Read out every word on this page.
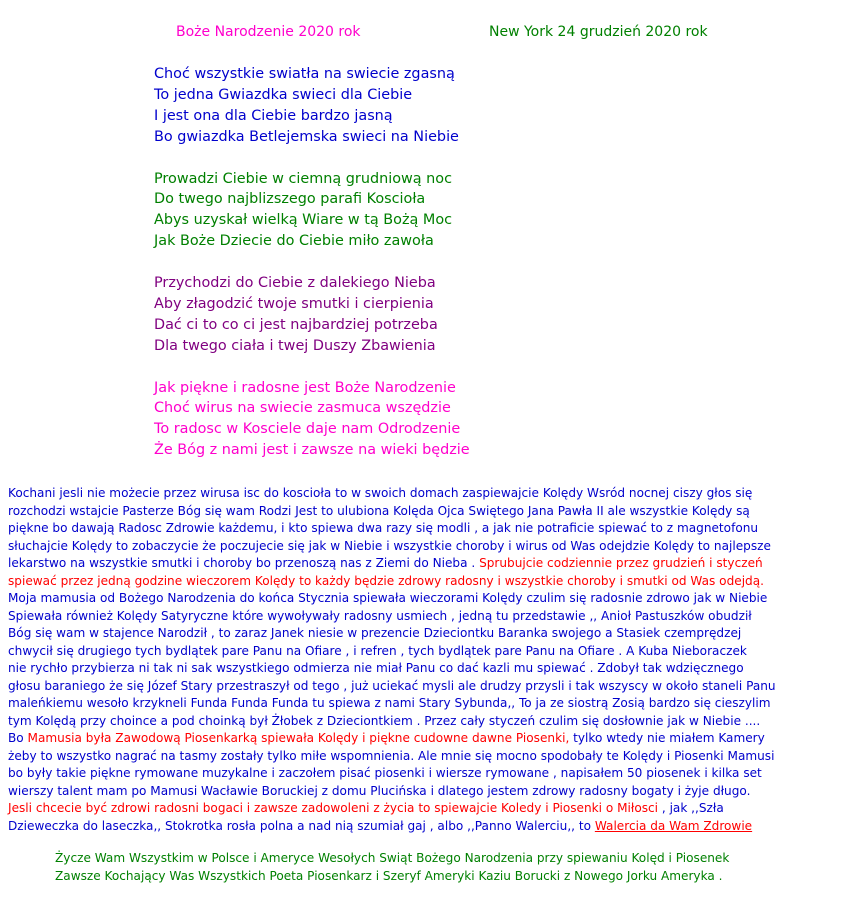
Boże Narodzenie 2020 rok	New York 24 grudzień 2020 rok
Choć wszystkie swiatła na swiecie zgasną
To jedna Gwiazdka swieci dla Ciebie
I jest ona dla Ciebie bardzo jasną
Bo gwiazdka Betlejemska swieci na Niebie
Prowadzi Ciebie w ciemną grudniową noc
Do twego najblizszego parafi Koscioła
Abys uzyskał wielką Wiare w tą Bożą Moc
Jak Boże Dziecie do Ciebie miło zawoła
Przychodzi do Ciebie z dalekiego Nieba
Aby złagodzić twoje smutki i cierpienia
Dać ci to co ci jest najbardziej potrzeba
Dla twego ciała i twej Duszy Zbawienia
Jak piękne i radosne jest Boże Narodzenie
Choć wirus na swiecie zasmuca wszędzie
To radosc w Kosciele daje nam Odrodzenie
Że Bóg z nami jest i zawsze na wieki będzie
Kochani jesli nie możecie przez wirusa isc do koscioła to w swoich domach zaspiewajcie Kolędy Wsród nocnej ciszy głos się
rozchodzi wstajcie Pasterze Bóg się wam Rodzi Jest to ulubiona Kolęda Ojca Swiętego Jana Pawła II ale wszystkie Kolędy są
piękne bo dawają Radosc Zdrowie każdemu, i kto spiewa dwa razy się modli , a jak nie potraficie spiewać to z magnetofonu
słuchajcie Kolędy to zobaczycie że poczujecie się jak w Niebie i wszystkie choroby i wirus od Was odejdzie Kolędy to najlepsze
lekarstwo na wszystkie smutki i choroby bo przenoszą nas z Ziemi do Nieba . Sprubujcie codziennie przez grudzień i styczeń
spiewać przez jedną godzine wieczorem Kolędy to każdy będzie zdrowy radosny i wszystkie choroby i smutki od Was odejdą.
Moja mamusia od Bożego Narodzenia do końca Stycznia spiewała wieczorami Kolędy czulim się radosnie zdrowo jak w Niebie
Spiewała również Kolędy Satyryczne które wywoływały radosny usmiech , jedną tu przedstawie ,, Anioł Pastuszków obudził
Bóg się wam w stajence Narodził , to zaraz Janek niesie w prezencie Dzieciontku Baranka swojego a Stasiek czemprędzej
chwycił się drugiego tych bydlątek pare Panu na Ofiare , i refren , tych bydlątek pare Panu na Ofiare . A Kuba Nieboraczek
nie rychło przybierza ni tak ni sak wszystkiego odmierza nie miał Panu co dać kazli mu spiewać . Zdobył tak wdzięcznego
głosu baraniego że się Józef Stary przestraszył od tego , już uciekać mysli ale drudzy przysli i tak wszyscy w około staneli Panu
maleńkiemu wesoło krzykneli Funda Funda Funda tu spiewa z nami Stary Sybunda,, To ja ze siostrą Zosią bardzo się cieszylim
tym Kolędą przy choince a pod choinką był Żłobek z Dzieciontkiem . Przez cały styczeń czulim się dosłownie jak w Niebie ....
Bo Mamusia była Zawodową Piosenkarką spiewała Kolędy i piękne cudowne dawne Piosenki, tylko wtedy nie miałem Kamery
żeby to wszystko nagrać na tasmy zostały tylko miłe wspomnienia. Ale mnie się mocno spodobały te Kolędy i Piosenki Mamusi
bo były takie piękne rymowane muzykalne i zaczołem pisać piosenki i wiersze rymowane , napisałem 50 piosenek i kilka set
wierszy talent mam po Mamusi Wacławie Boruckiej z domu Plucińska i dlatego jestem zdrowy radosny bogaty i żyje długo.
Jesli chcecie być zdrowi radosni bogaci i zawsze zadowoleni z życia to spiewajcie Koledy i Piosenki o Miłosci , jak ,,Szła
Dzieweczka do laseczka,, Stokrotka rosła polna a nad nią szumiał gaj , albo ,,Panno Walerciu,, to Walercia da Wam Zdrowie
Życze Wam Wszystkim w Polsce i Ameryce Wesołych Swiąt Bożego Narodzenia przy spiewaniu Kolęd i Piosenek
Zawsze Kochający Was Wszystkich Poeta Piosenkarz i Szeryf Ameryki Kaziu Borucki z Nowego Jorku Ameryka .
